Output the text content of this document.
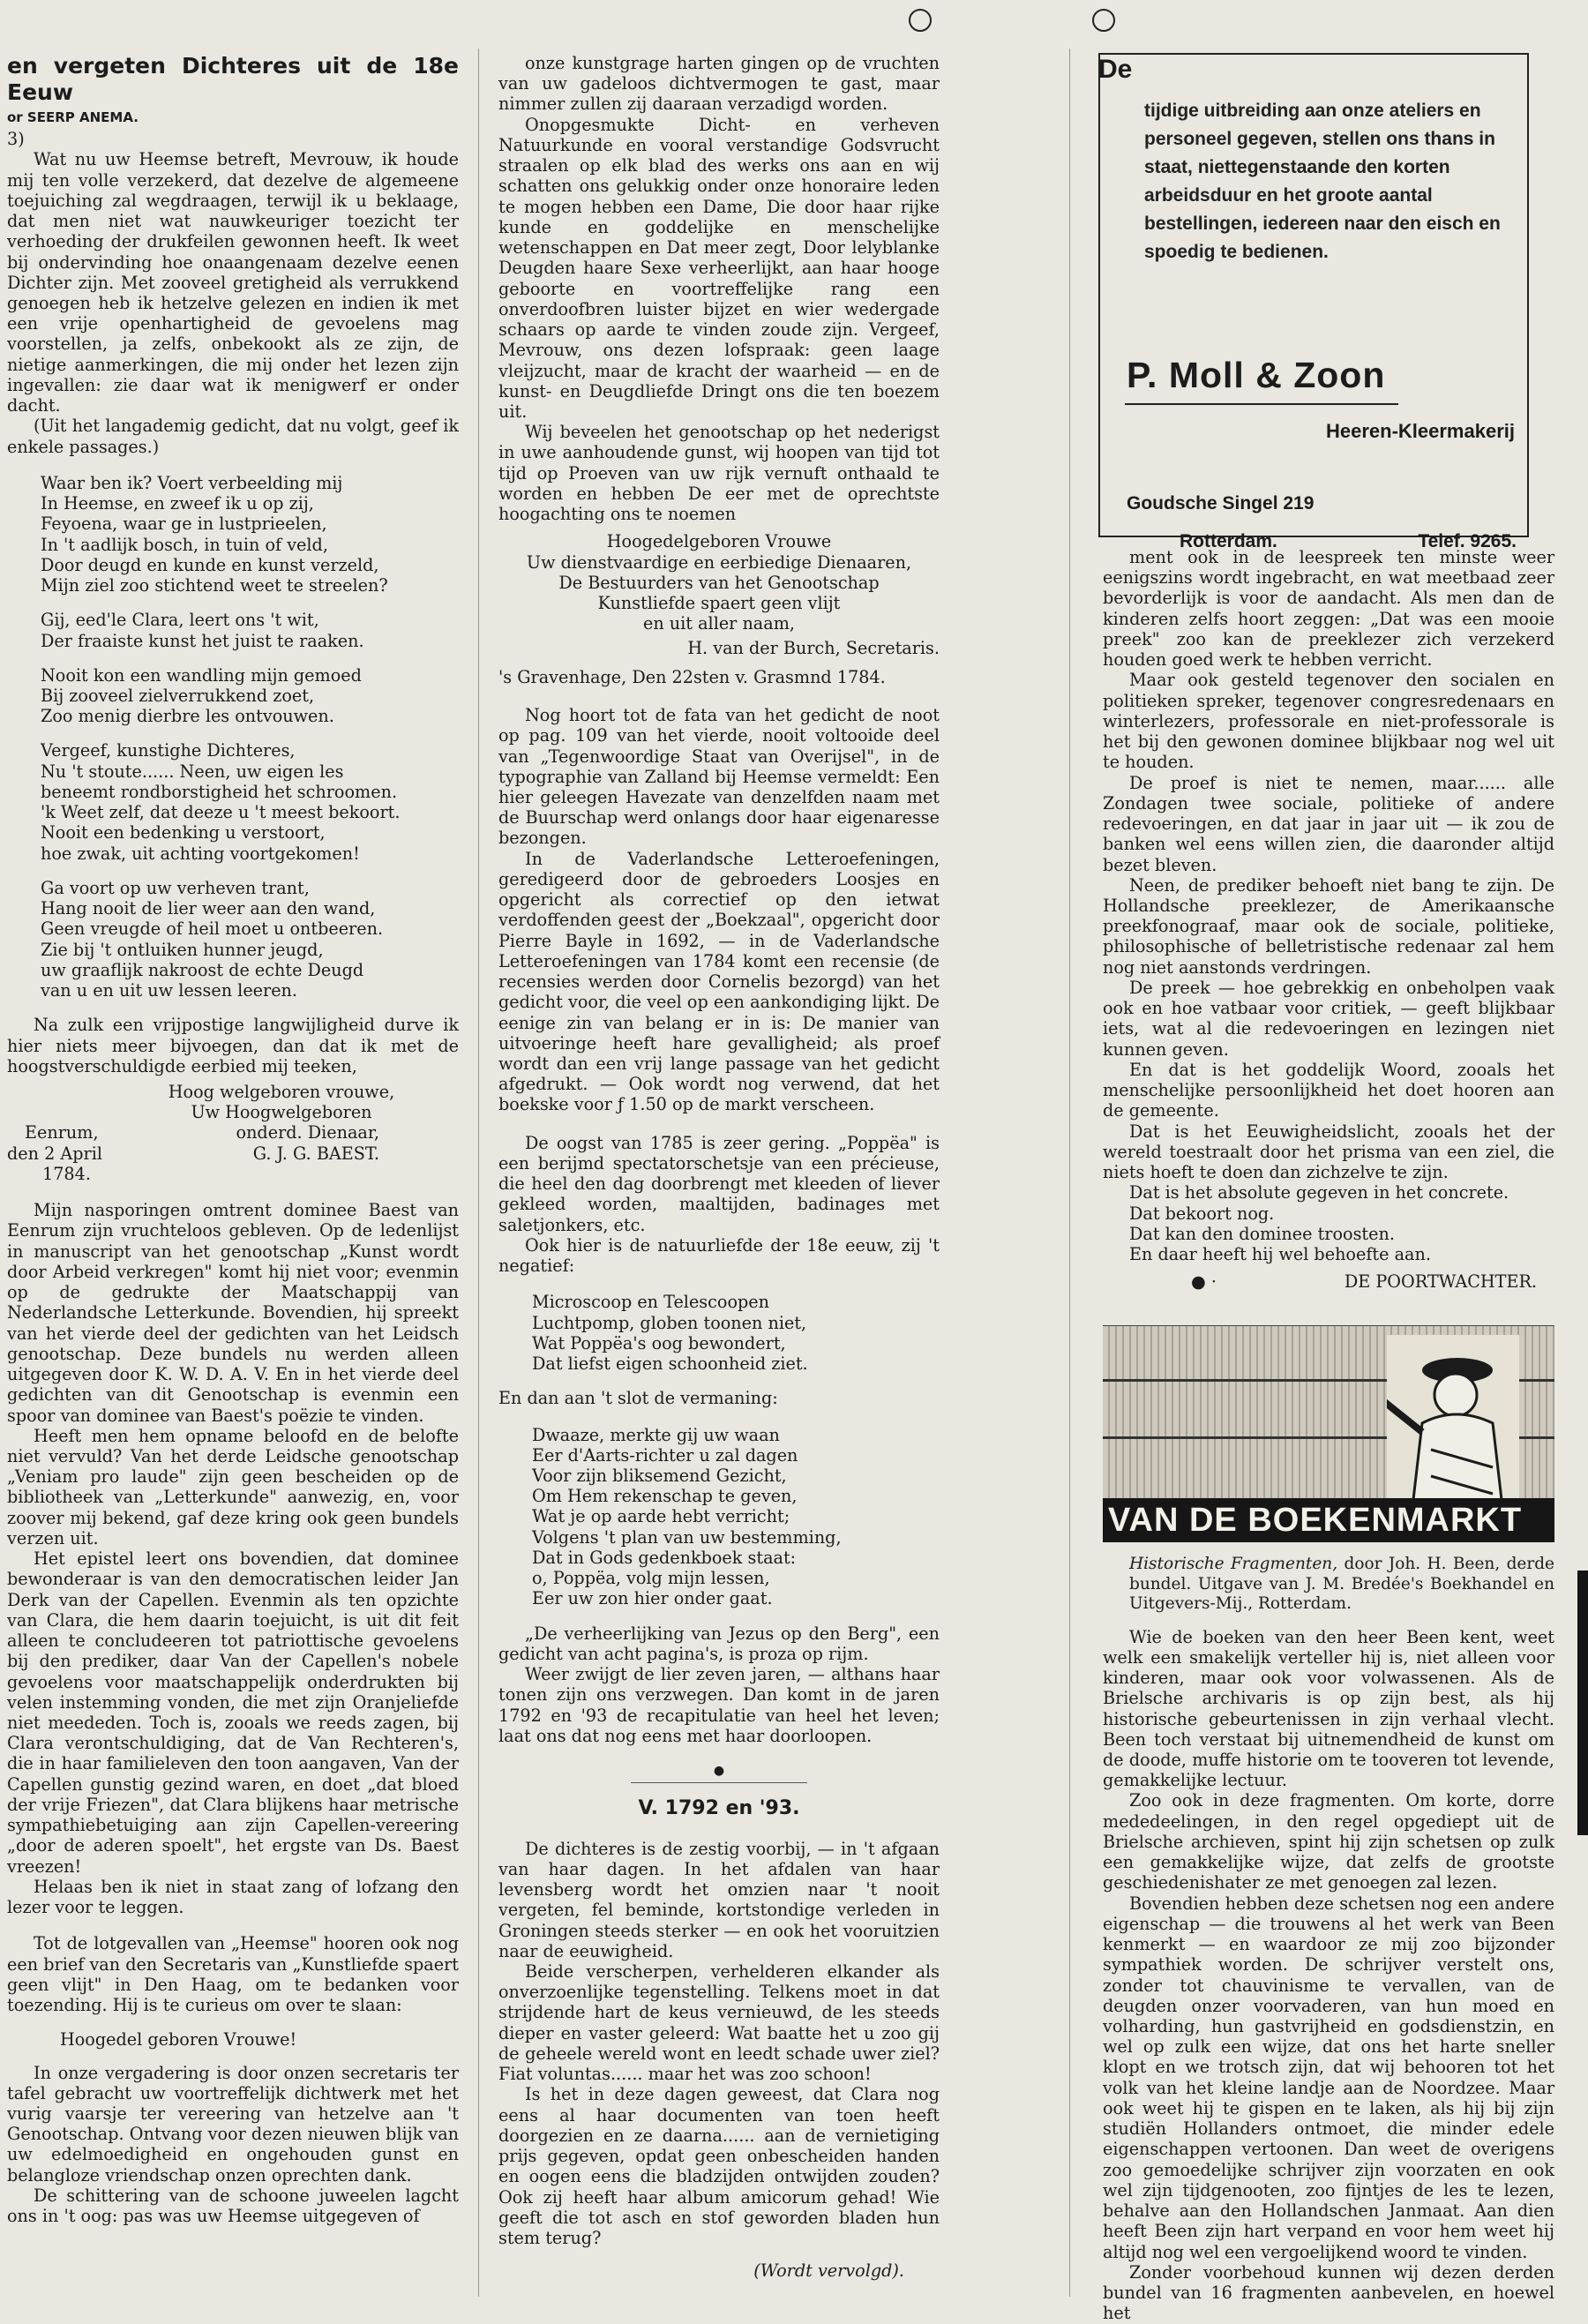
en vergeten Dichteres uit de 18e Eeuw
or SEERP ANEMA.
3)

Wat nu uw Heemse betreft, Mevrouw, ik houde mij ten volle verzekerd, dat dezelve de algemeene toejuiching zal wegdraagen, terwijl ik u beklaage, dat men niet wat nauwkeuriger toezicht ter verhoeding der drukfeilen gewonnen heeft. Ik weet bij ondervinding hoe onaangenaam dezelve eenen Dichter zijn. Met zooveel gretigheid als verrukkend genoegen heb ik hetzelve gelezen en indien ik met een vrije openhartigheid de gevoelens mag voorstellen, ja zelfs, onbekookt als ze zijn, de nietige aanmerkingen, die mij onder het lezen zijn ingevallen: zie daar wat ik menigwerf er onder dacht.

(Uit het langademig gedicht, dat nu volgt, geef ik enkele passages.)

Waar ben ik? Voert verbeelding mij
In Heemse, en zweef ik u op zij,
Feyoena, waar ge in lustprieelen,
In 't aadlijk bosch, in tuin of veld,
Door deugd en kunde en kunst verzeld,
Mijn ziel zoo stichtend weet te streelen?
Gij, eed'le Clara, leert ons 't wit,
Der fraaiste kunst het juist te raaken.
Nooit kon een wandling mijn gemoed
Bij zooveel zielverrukkend zoet,
Zoo menig dierbre les ontvouwen.
Vergeef, kunstighe Dichteres,
Nu 't stoute...... Neen, uw eigen les
beneemt rondborstigheid het schroomen.
'k Weet zelf, dat deeze u 't meest bekoort.
Nooit een bedenking u verstoort,
hoe zwak, uit achting voortgekomen!
Ga voort op uw verheven trant,
Hang nooit de lier weer aan den wand,
Geen vreugde of heil moet u ontbeeren.
Zie bij 't ontluiken hunner jeugd,
uw graaflijk nakroost de echte Deugd
van u en uit uw lessen leeren.

Na zulk een vrijpostige langwijligheid durve ik hier niets meer bijvoegen, dan dat ik met de hoogstverschuldigde eerbied mij teeken,

Hoog welgeboren vrouwe,
Uw Hoogwelgeboren
Eenrum,	onderd. Dienaar,
den 2 April	G. J. G. BAEST.
1784.

Mijn nasporingen omtrent dominee Baest van Eenrum zijn vruchteloos gebleven. Op de ledenlijst in manuscript van het genootschap „Kunst wordt door Arbeid verkregen" komt hij niet voor; evenmin op de gedrukte der Maatschappij van Nederlandsche Letterkunde. Bovendien, hij spreekt van het vierde deel der gedichten van het Leidsch genootschap. Deze bundels nu werden alleen uitgegeven door K. W. D. A. V. En in het vierde deel gedichten van dit Genootschap is evenmin een spoor van dominee van Baest's poëzie te vinden.

Heeft men hem opname beloofd en de belofte niet vervuld? Van het derde Leidsche genootschap „Veniam pro laude" zijn geen bescheiden op de bibliotheek van „Letterkunde" aanwezig, en, voor zoover mij bekend, gaf deze kring ook geen bundels verzen uit.

Het epistel leert ons bovendien, dat dominee bewonderaar is van den democratischen leider Jan Derk van der Capellen. Evenmin als ten opzichte van Clara, die hem daarin toejuicht, is uit dit feit alleen te concludeeren tot patriottische gevoelens bij den prediker, daar Van der Capellen's nobele gevoelens voor maatschappelijk onderdrukten bij velen instemming vonden, die met zijn Oranjeliefde niet meededen. Toch is, zooals we reeds zagen, bij Clara verontschuldiging, dat de Van Rechteren's, die in haar familieleven den toon aangaven, Van der Capellen gunstig gezind waren, en doet „dat bloed der vrije Friezen", dat Clara blijkens haar metrische sympathiebetuiging aan zijn Capellen-vereering „door de aderen spoelt", het ergste van Ds. Baest vreezen!

Helaas ben ik niet in staat zang of lofzang den lezer voor te leggen.

Tot de lotgevallen van „Heemse" hooren ook nog een brief van den Secretaris van „Kunstliefde spaert geen vlijt" in Den Haag, om te bedanken voor toezending. Hij is te curieus om over te slaan:

Hoogedel geboren Vrouwe!

In onze vergadering is door onzen secretaris ter tafel gebracht uw voortreffelijk dichtwerk met het vurig vaarsje ter vereering van hetzelve aan 't Genootschap. Ontvang voor dezen nieuwen blijk van uw edelmoedigheid en ongehouden gunst en belangloze vriendschap onzen oprechten dank.

De schittering van de schoone juweelen lagcht ons in 't oog: pas was uw Heemse uitgegeven of

onze kunstgrage harten gingen op de vruchten van uw gadeloos dichtvermogen te gast, maar nimmer zullen zij daaraan verzadigd worden.

Onopgesmukte Dicht- en verheven Natuurkunde en vooral verstandige Godsvrucht straalen op elk blad des werks ons aan en wij schatten ons gelukkig onder onze honoraire leden te mogen hebben een Dame, Die door haar rijke kunde en goddelijke en menschelijke wetenschappen en Dat meer zegt, Door lelyblanke Deugden haare Sexe verheerlijkt, aan haar hooge geboorte en voortreffelijke rang een onverdoofbren luister bijzet en wier wedergade schaars op aarde te vinden zoude zijn. Vergeef, Mevrouw, ons dezen lofspraak: geen laage vleijzucht, maar de kracht der waarheid — en de kunst- en Deugdliefde Dringt ons die ten boezem uit.

Wij beveelen het genootschap op het nederigst in uwe aanhoudende gunst, wij hoopen van tijd tot tijd op Proeven van uw rijk vernuft onthaald te worden en hebben De eer met de oprechtste hoogachting ons te noemen

Hoogedelgeboren Vrouwe
Uw dienstvaardige en eerbiedige Dienaaren,
De Bestuurders van het Genootschap
Kunstliefde spaert geen vlijt
en uit aller naam,
H. van der Burch, Secretaris.
's Gravenhage, Den 22sten v. Grasmnd 1784.

Nog hoort tot de fata van het gedicht de noot op pag. 109 van het vierde, nooit voltooide deel van „Tegenwoordige Staat van Overijsel", in de typographie van Zalland bij Heemse vermeldt: Een hier geleegen Havezate van denzelfden naam met de Buurschap werd onlangs door haar eigenaresse bezongen.

In de Vaderlandsche Letteroefeningen, geredigeerd door de gebroeders Loosjes en opgericht als correctief op den ietwat verdoffenden geest der „Boekzaal", opgericht door Pierre Bayle in 1692, — in de Vaderlandsche Letteroefeningen van 1784 komt een recensie (de recensies werden door Cornelis bezorgd) van het gedicht voor, die veel op een aankondiging lijkt. De eenige zin van belang er in is: De manier van uitvoeringe heeft hare gevalligheid; als proef wordt dan een vrij lange passage van het gedicht afgedrukt. — Ook wordt nog verwend, dat het boekske voor ƒ 1.50 op de markt verscheen.

De oogst van 1785 is zeer gering. „Poppëa" is een berijmd spectatorschetsje van een précieuse, die heel den dag doorbrengt met kleeden of liever gekleed worden, maaltijden, badinages met saletjonkers, etc.

Ook hier is de natuurliefde der 18e eeuw, zij 't negatief:

Microscoop en Telescoopen
Luchtpomp, globen toonen niet,
Wat Poppëa's oog bewondert,
Dat liefst eigen schoonheid ziet.
En dan aan 't slot de vermaning:
Dwaaze, merkte gij uw waan
Eer d'Aarts-richter u zal dagen
Voor zijn bliksemend Gezicht,
Om Hem rekenschap te geven,
Wat je op aarde hebt verricht;
Volgens 't plan van uw bestemming,
Dat in Gods gedenkboek staat:
o, Poppëa, volg mijn lessen,
Eer uw zon hier onder gaat.

„De verheerlijking van Jezus op den Berg", een gedicht van acht pagina's, is proza op rijm.

Weer zwijgt de lier zeven jaren, — althans haar tonen zijn ons verzwegen. Dan komt in de jaren 1792 en '93 de recapitulatie van heel het leven; laat ons dat nog eens met haar doorloopen.

●
V. 1792 en '93.

De dichteres is de zestig voorbij, — in 't afgaan van haar dagen. In het afdalen van haar levensberg wordt het omzien naar 't nooit vergeten, fel beminde, kortstondige verleden in Groningen steeds sterker — en ook het vooruitzien naar de eeuwigheid.

Beide verscherpen, verhelderen elkander als onverzoenlijke tegenstelling. Telkens moet in dat strijdende hart de keus vernieuwd, de les steeds dieper en vaster geleerd: Wat baatte het u zoo gij de geheele wereld wont en leedt schade uwer ziel? Fiat voluntas...... maar het was zoo schoon!

Is het in deze dagen geweest, dat Clara nog eens al haar documenten van toen heeft doorgezien en ze daarna...... aan de vernietiging prijs gegeven, opdat geen onbescheiden handen en oogen eens die bladzijden ontwijden zouden? Ook zij heeft haar album amicorum gehad! Wie geeft die tot asch en stof geworden bladen hun stem terug?

(Wordt vervolgd).
De
tijdige uitbreiding aan onze ateliers en personeel gegeven, stellen ons thans in staat, niettegenstaande den korten arbeidsduur en het groote aantal bestellingen, iedereen naar den eisch en spoedig te bedienen.
P. Moll & Zoon
Heeren-Kleermakerij
Goudsche Singel 219
Rotterdam.	Telef. 9265.

ment ook in de leespreek ten minste weer eenigszins wordt ingebracht, en wat meetbaad zeer bevorderlijk is voor de aandacht. Als men dan de kinderen zelfs hoort zeggen: „Dat was een mooie preek" zoo kan de preeklezer zich verzekerd houden goed werk te hebben verricht.

Maar ook gesteld tegenover den socialen en politieken spreker, tegenover congresredenaars en winterlezers, professorale en niet-professorale is het bij den gewonen dominee blijkbaar nog wel uit te houden.

De proef is niet te nemen, maar...... alle Zondagen twee sociale, politieke of andere redevoeringen, en dat jaar in jaar uit — ik zou de banken wel eens willen zien, die daaronder altijd bezet bleven.

Neen, de prediker behoeft niet bang te zijn. De Hollandsche preeklezer, de Amerikaansche preekfonograaf, maar ook de sociale, politieke, philosophische of belletristische redenaar zal hem nog niet aanstonds verdringen.

De preek — hoe gebrekkig en onbeholpen vaak ook en hoe vatbaar voor critiek, — geeft blijkbaar iets, wat al die redevoeringen en lezingen niet kunnen geven.

En dat is het goddelijk Woord, zooals het menschelijke persoonlijkheid het doet hooren aan de gemeente.

Dat is het Eeuwigheidslicht, zooals het der wereld toestraalt door het prisma van een ziel, die niets hoeft te doen dan zichzelve te zijn.

Dat is het absolute gegeven in het concrete.

Dat bekoort nog.

Dat kan den dominee troosten.

En daar heeft hij wel behoefte aan.

● ·	DE POORTWACHTER.
VAN DE BOEKENMARKT
Historische Fragmenten, door Joh. H. Been, derde bundel. Uitgave van J. M. Bredée's Boekhandel en Uitgevers-Mij., Rotterdam.

Wie de boeken van den heer Been kent, weet welk een smakelijk verteller hij is, niet alleen voor kinderen, maar ook voor volwassenen. Als de Brielsche archivaris is op zijn best, als hij historische gebeurtenissen in zijn verhaal vlecht. Been toch verstaat bij uitnemendheid de kunst om de doode, muffe historie om te tooveren tot levende, gemakkelijke lectuur.

Zoo ook in deze fragmenten. Om korte, dorre mededeelingen, in den regel opgediept uit de Brielsche archieven, spint hij zijn schetsen op zulk een gemakkelijke wijze, dat zelfs de grootste geschiedenishater ze met genoegen zal lezen.

Bovendien hebben deze schetsen nog een andere eigenschap — die trouwens al het werk van Been kenmerkt — en waardoor ze mij zoo bijzonder sympathiek worden. De schrijver verstelt ons, zonder tot chauvinisme te vervallen, van de deugden onzer voorvaderen, van hun moed en volharding, hun gastvrijheid en godsdienstzin, en wel op zulk een wijze, dat ons het harte sneller klopt en we trotsch zijn, dat wij behooren tot het volk van het kleine landje aan de Noordzee. Maar ook weet hij te gispen en te laken, als hij bij zijn studiën Hollanders ontmoet, die minder edele eigenschappen vertoonen. Dan weet de overigens zoo gemoedelijke schrijver zijn voorzaten en ook wel zijn tijdgenooten, zoo fijntjes de les te lezen, behalve aan den Hollandschen Janmaat. Aan dien heeft Been zijn hart verpand en voor hem weet hij altijd nog wel een vergoelijkend woord te vinden.

Zonder voorbehoud kunnen wij dezen derden bundel van 16 fragmenten aanbevelen, en hoewel het
